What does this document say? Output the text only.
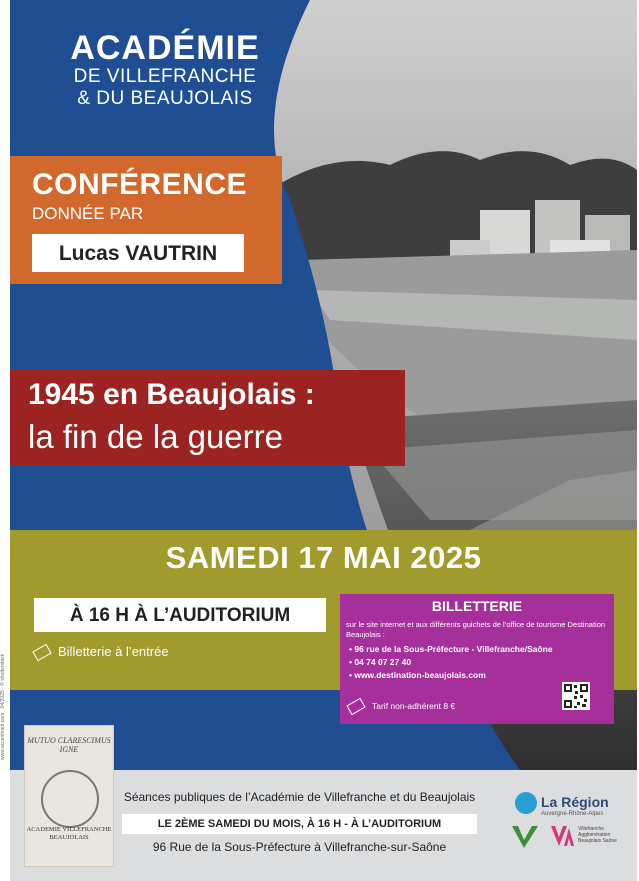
ACADÉMIE
DE VILLEFRANCHE
& DU BEAUJOLAIS
CONFÉRENCE
DONNÉE PAR
Lucas VAUTRIN
1945 en Beaujolais :
la fin de la guerre
SAMEDI 17 MAI 2025
À 16 H À L’AUDITORIUM
Billetterie à l’entrée
BILLETTERIE
sur le site internet et aux différents guichets de l’office de tourisme Destination Beaujolais :
• 96 rue de la Sous-Préfecture - Villefranche/Saône
• 04 74 07 27 40
• www.destination-beaujolais.com
Tarif non-adhérent 8 €
MUTUO CLARESCIMUS IGNE
ACADEMIE VILLEFRANCHE BEAUJOLAIS
Séances publiques de l’Académie de Villefranche et du Beaujolais
LE 2ÈME SAMEDI DU MOIS, À 16 H - À L’AUDITORIUM
96 Rue de la Sous-Préfecture à Villefranche-sur-Saône
La Région
Auvergne-Rhône-Alpes
Villefranche Agglomération Beaujolais Saône
www.accentmeb.com · 04/2025 · © shutterstock
